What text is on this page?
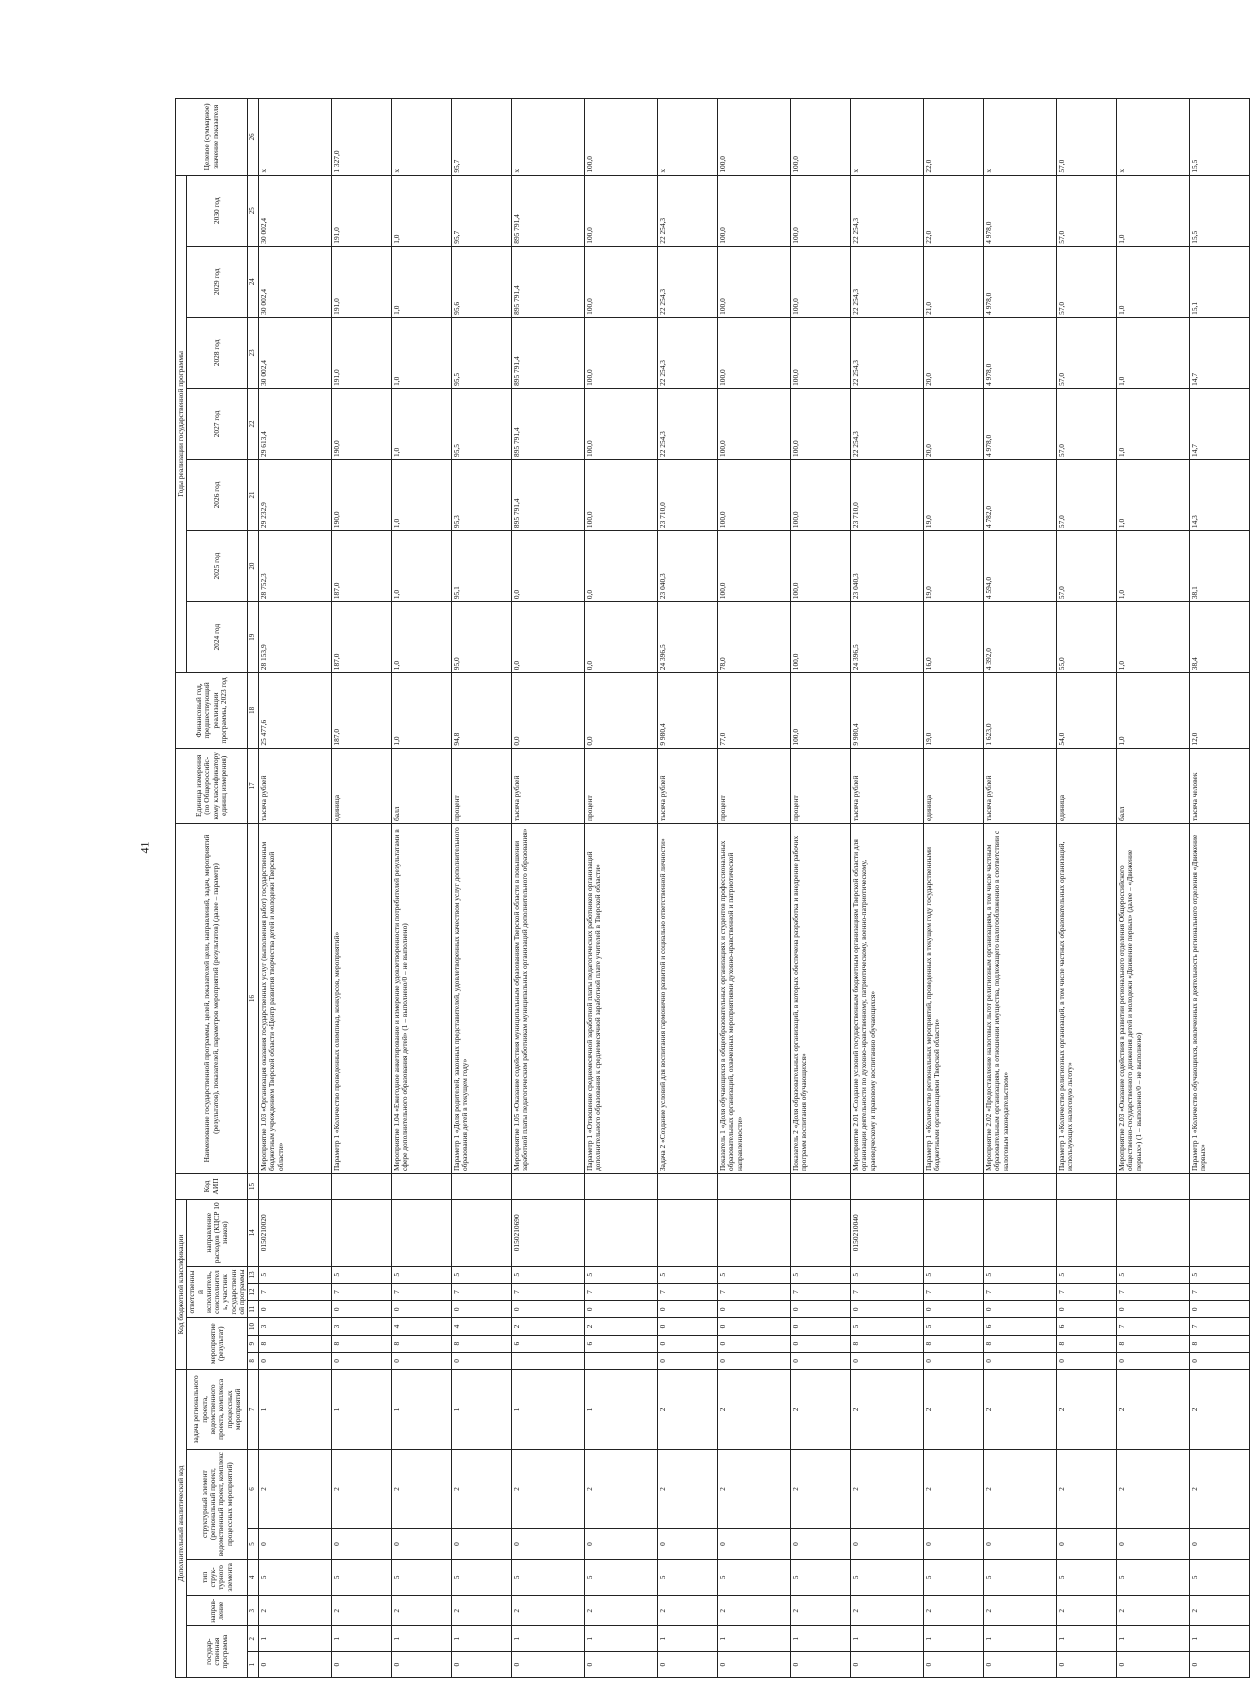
41
Дополнительный аналитический код							Код бюджетной классификации							Код АИП	Наименование государственной программы, целей, показателей цели, направлений, задач, мероприятий (результатов), показателей, параметров мероприятий (результатов) (далее – параметр)	Единица измерения (по Общероссийс-кому классификатору единиц измерения)	Финансовый год, предшествующий реализации программы, 2023 год	Годы реализации государственной программы							Целевое (суммарное) значение показателя
государ-ственная программа		направ-ление	тип струк-турного элемента	структурный элемент (региональный проект, ведомственный проект, комплекс процессных мероприятий)		задача регионального проекта, ведомственного проекта, комплекса процессных мероприятий	мероприятие (результат)			ответственный исполнитель, соисполнитель, участник государственной программы			направление расходов (КЦСР 10 знаков)					2024 год	2025 год	2026 год	2027 год	2028 год	2029 год	2030 год	

1	2	3	4	5	6	7	8	9	10	11	12	13	14	15	16	17	18	19	20	21	22	23	24	25	26
0	1	2	5	0	2	1	0	8	3	0	7	5	0150210020		Мероприятие 1.03 «Организация оказания государственных услуг (выполнения работ) государственным бюджетным учреждением Тверской области «Центр развития творчества детей и молодежи Тверской области»	тысяча рублей	25 477,6	28 153,9	28 752,3	29 232,9	29 613,4	30 002,4	30 002,4	30 002,4	х
0	1	2	5	0	2	1	0	8	3	0	7	5			Параметр 1 «Количество проведенных олимпиад, конкурсов, мероприятий»	единица	187,0	187,0	187,0	190,0	190,0	191,0	191,0	191,0	1 327,0
0	1	2	5	0	2	1	0	8	4	0	7	5			Мероприятие 1.04 «Ежегодное анкетирование и измерение удовлетворенности потребителей результатами в сфере дополнительного образования детей» (1 – выполнено/0 – не выполнено)	балл	1,0	1,0	1,0	1,0	1,0	1,0	1,0	1,0	х
0	1	2	5	0	2	1	0	8	4	0	7	5			Параметр 1 «Доля родителей, законных представителей, удовлетворенных качеством услуг дополнительного образования детей в текущем году»	процент	94,8	95,0	95,1	95,3	95,5	95,5	95,6	95,7	95,7
0	1	2	5	0	2	1		6	2	0	7	5	0150210690		Мероприятие 1.05 «Оказание содействия муниципальным образованиям Тверской области в повышении заработной платы педагогическим работникам муниципальных организаций дополнительного образования»	тысяча рублей	0,0	0,0	0,0	895 791,4	895 791,4	895 791,4	895 791,4	895 791,4	х
0	1	2	5	0	2	1		6	2	0	7	5			Параметр 1 «Отношение среднемесячной заработной платы педагогических работников организаций дополнительного образования к среднемесячной заработной плате учителей в Тверской области»	процент	0,0	0,0	0,0	100,0	100,0	100,0	100,0	100,0	100,0
0	1	2	5	0	2	2	0	0	0	0	7	5			Задача 2 «Создание условий для воспитания гармонично развитой и социально ответственной личности»	тысяча рублей	9 980,4	24 396,5	23 040,3	23 710,0	22 254,3	22 254,3	22 254,3	22 254,3	х
0	1	2	5	0	2	2	0	0	0	0	7	5			Показатель 1 «Доля обучающихся в общеобразовательных организациях и студентов профессиональных образовательных организаций, охваченных мероприятиями духовно-нравственной и патриотической направленности»	процент	77,0	78,0	100,0	100,0	100,0	100,0	100,0	100,0	100,0
0	1	2	5	0	2	2	0	0	0	0	7	5			Показатель 2 «Доля образовательных организаций, в которых обеспечена разработка и внедрение рабочих программ воспитания обучающихся»	процент	100,0	100,0	100,0	100,0	100,0	100,0	100,0	100,0	100,0
0	1	2	5	0	2	2	0	8	5	0	7	5	0150210040		Мероприятие 2.01 «Создание условий государственным бюджетным организациям Тверской области для организации деятельности по духовно-нравственному, патриотическому, военно-патриотическому, краеведческому и правовому воспитанию обучающихся»	тысяча рублей	9 980,4	24 396,5	23 040,3	23 710,0	22 254,3	22 254,3	22 254,3	22 254,3	х
0	1	2	5	0	2	2	0	8	5	0	7	5			Параметр 1 «Количество региональных мероприятий, проведенных в текущем году государственными бюджетными организациями Тверской области»	единица	19,0	16,0	19,0	19,0	20,0	20,0	21,0	22,0	22,0
0	1	2	5	0	2	2	0	8	6	0	7	5			Мероприятие 2.02 «Предоставление налоговых льгот религиозным организациям, в том числе частным образовательным организациям, в отношении имущества, подлежащего налогообложению в соответствии с налоговым законодательством»	тысяча рублей	1 623,0	4 392,0	4 594,0	4 782,0	4 978,0	4 978,0	4 978,0	4 978,0	х
0	1	2	5	0	2	2	0	8	6	0	7	5			Параметр 1 «Количество религиозных организаций, в том числе частных образовательных организаций, использующих налоговую льготу»	единица	54,0	55,0	57,0	57,0	57,0	57,0	57,0	57,0	57,0
0	1	2	5	0	2	2	0	8	7	0	7	5			Мероприятие 2.03 «Оказание содействия в развитии регионального отделения Общероссийского общественно-государственного движения детей и молодежи «Движение первых» (далее – «Движение первых») (1 – выполнено/0 – не выполнено)	балл	1,0	1,0	1,0	1,0	1,0	1,0	1,0	1,0	х
0	1	2	5	0	2	2	0	8	7	0	7	5			Параметр 1 «Количество обучающихся, вовлеченных в деятельность регионального отделения «Движение первых»	тысяча человек	12,0	38,4	38,1	14,3	14,7	14,7	15,1	15,5	15,5
